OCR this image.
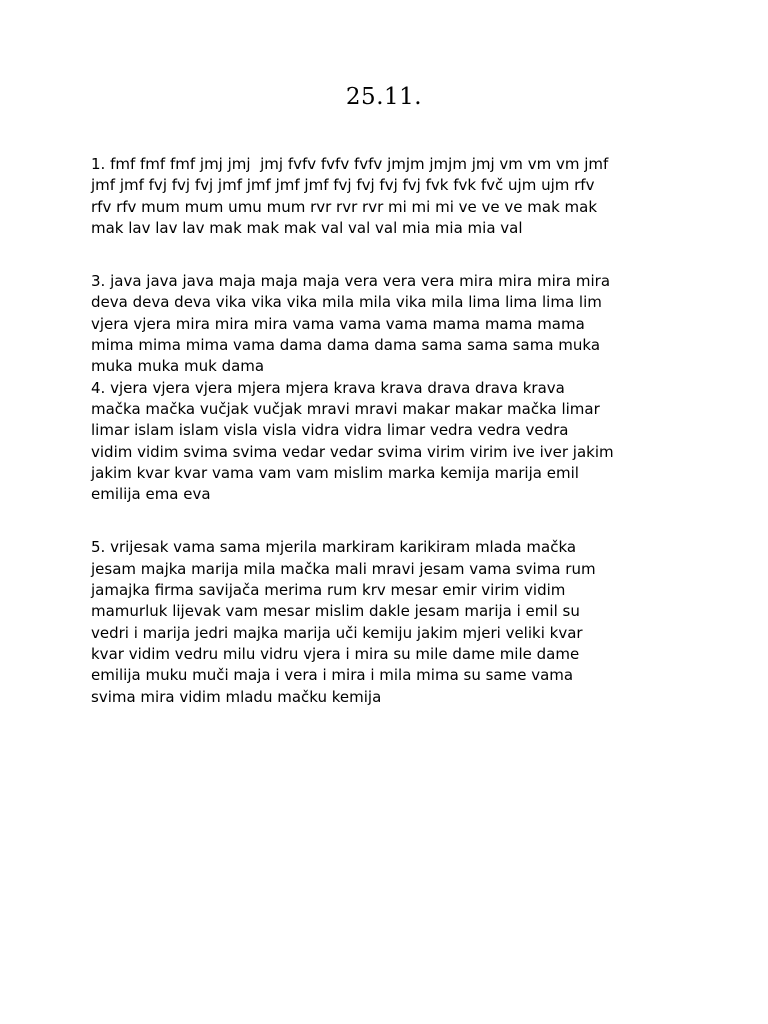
25.11.

1. fmf fmf fmf jmj jmj  jmj fvfv fvfv fvfv jmjm jmjm jmj vm vm vm jmf
jmf jmf fvj fvj fvj jmf jmf jmf jmf fvj fvj fvj fvj fvk fvk fvč ujm ujm rfv
rfv rfv mum mum umu mum rvr rvr rvr mi mi mi ve ve ve mak mak
mak lav lav lav mak mak mak val val val mia mia mia val

3. java java java maja maja maja vera vera vera mira mira mira mira
deva deva deva vika vika vika mila mila vika mila lima lima lima lim
vjera vjera mira mira mira vama vama vama mama mama mama
mima mima mima vama dama dama dama sama sama sama muka
muka muka muk dama
4. vjera vjera vjera mjera mjera krava krava drava drava krava
mačka mačka vučjak vučjak mravi mravi makar makar mačka limar
limar islam islam visla visla vidra vidra limar vedra vedra vedra
vidim vidim svima svima vedar vedar svima virim virim ive iver jakim
jakim kvar kvar vama vam vam mislim marka kemija marija emil
emilija ema eva

5. vrijesak vama sama mjerila markiram karikiram mlada mačka
jesam majka marija mila mačka mali mravi jesam vama svima rum
jamajka firma savijača merima rum krv mesar emir virim vidim
mamurluk lijevak vam mesar mislim dakle jesam marija i emil su
vedri i marija jedri majka marija uči kemiju jakim mjeri veliki kvar
kvar vidim vedru milu vidru vjera i mira su mile dame mile dame
emilija muku muči maja i vera i mira i mila mima su same vama
svima mira vidim mladu mačku kemija
